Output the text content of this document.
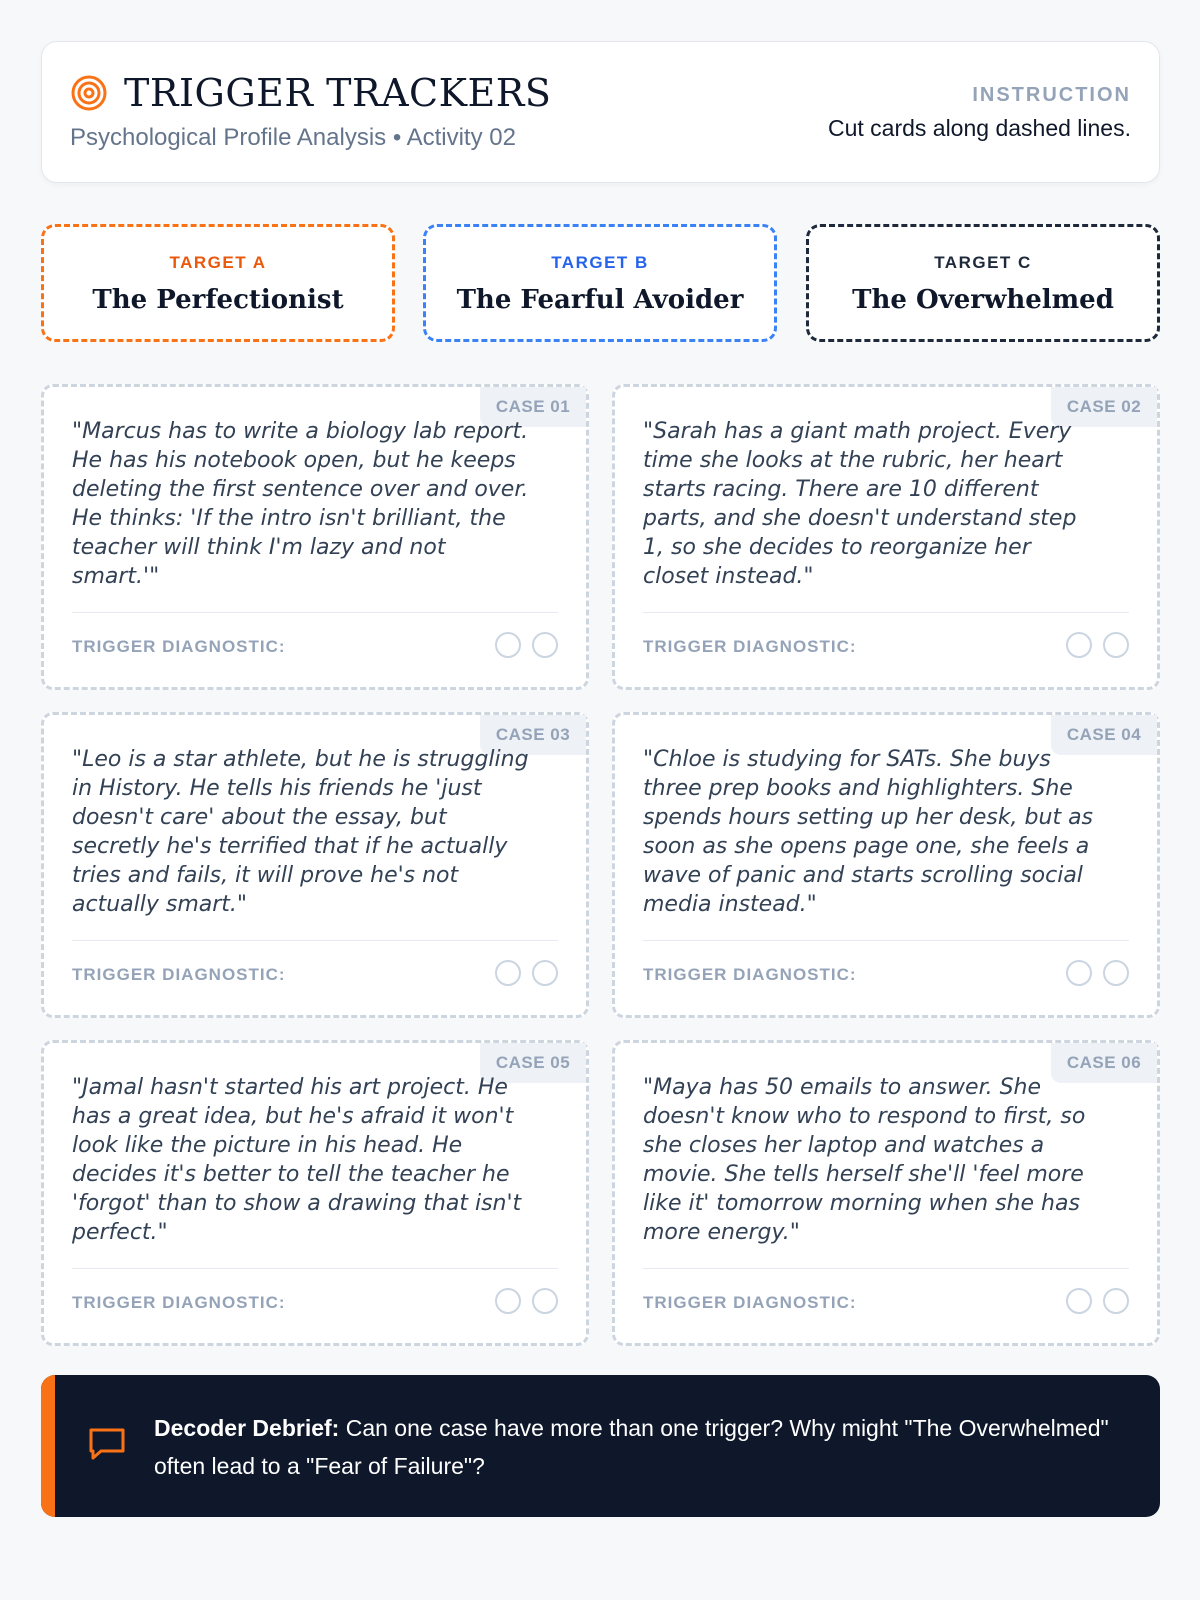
TRIGGER TRACKERS
Psychological Profile Analysis • Activity 02
INSTRUCTION
Cut cards along dashed lines.
TARGET A
The Perfectionist
TARGET B
The Fearful Avoider
TARGET C
The Overwhelmed
CASE 01
"Marcus has to write a biology lab report. He has his notebook open, but he keeps deleting the first sentence over and over. He thinks: 'If the intro isn't brilliant, the teacher will think I'm lazy and not smart.'"
TRIGGER DIAGNOSTIC:
CASE 02
"Sarah has a giant math project. Every time she looks at the rubric, her heart starts racing. There are 10 different parts, and she doesn't understand step 1, so she decides to reorganize her closet instead."
TRIGGER DIAGNOSTIC:
CASE 03
"Leo is a star athlete, but he is struggling in History. He tells his friends he 'just doesn't care' about the essay, but secretly he's terrified that if he actually tries and fails, it will prove he's not actually smart."
TRIGGER DIAGNOSTIC:
CASE 04
"Chloe is studying for SATs. She buys three prep books and highlighters. She spends hours setting up her desk, but as soon as she opens page one, she feels a wave of panic and starts scrolling social media instead."
TRIGGER DIAGNOSTIC:
CASE 05
"Jamal hasn't started his art project. He has a great idea, but he's afraid it won't look like the picture in his head. He decides it's better to tell the teacher he 'forgot' than to show a drawing that isn't perfect."
TRIGGER DIAGNOSTIC:
CASE 06
"Maya has 50 emails to answer. She doesn't know who to respond to first, so she closes her laptop and watches a movie. She tells herself she'll 'feel more like it' tomorrow morning when she has more energy."
TRIGGER DIAGNOSTIC:
Decoder Debrief: Can one case have more than one trigger? Why might "The Overwhelmed" often lead to a "Fear of Failure"?
